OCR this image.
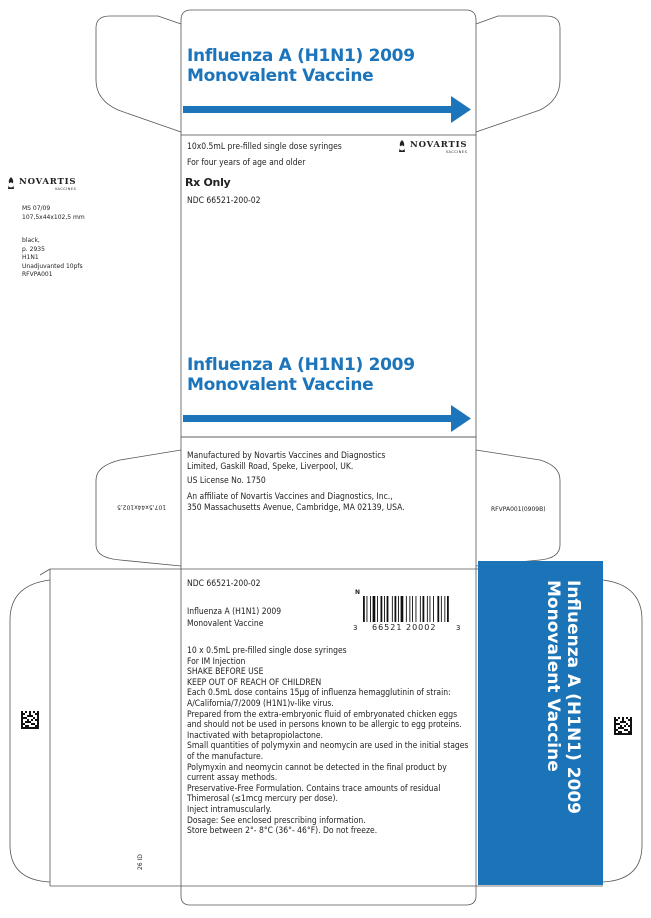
Influenza A (H1N1) 2009
Monovalent Vaccine
10x0.5mL pre-filled single dose syringes
For four years of age and older
Rx Only
NDC 66521-200-02
NOVARTIS
VACCINES
NOVARTIS
VACCINES
MS 07/09
107,5x44x102,5 mm
black,
p. 2935
H1N1
Unadjuvanted 10pfs
RFVPA001
Influenza A (H1N1) 2009
Monovalent Vaccine
Manufactured by Novartis Vaccines and Diagnostics
Limited, Gaskill Road, Speke, Liverpool, UK.
US License No. 1750
An affiliate of Novartis Vaccines and Diagnostics, Inc.,
350 Massachusetts Avenue, Cambridge, MA 02139, USA.
107,5x44x102,5	RFVPA001(0909B)
NDC 66521-200-02
Influenza A (H1N1) 2009
Monovalent Vaccine

10 x 0.5mL pre-filled single dose syringes

For IM Injection

SHAKE BEFORE USE

KEEP OUT OF REACH OF CHILDREN

Each 0.5mL dose contains 15µg of influenza hemagglutinin of strain:

A/California/7/2009 (H1N1)v-like virus.

Prepared from the extra-embryonic fluid of embryonated chicken eggs

and should not be used in persons known to be allergic to egg proteins.

Inactivated with betapropiolactone.

Small quantities of polymyxin and neomycin are used in the initial stages

of the manufacture.

Polymyxin and neomycin cannot be detected in the final product by

current assay methods.

Preservative-Free Formulation. Contains trace amounts of residual

Thimerosal (≤1mcg mercury per dose).

Inject intramuscularly.

Dosage: See enclosed prescribing information.

Store between 2°- 8°C (36°- 46°F). Do not freeze.

N
3 66521 20002	3
26 ID
Influenza A (H1N1) 2009
Monovalent Vaccine
